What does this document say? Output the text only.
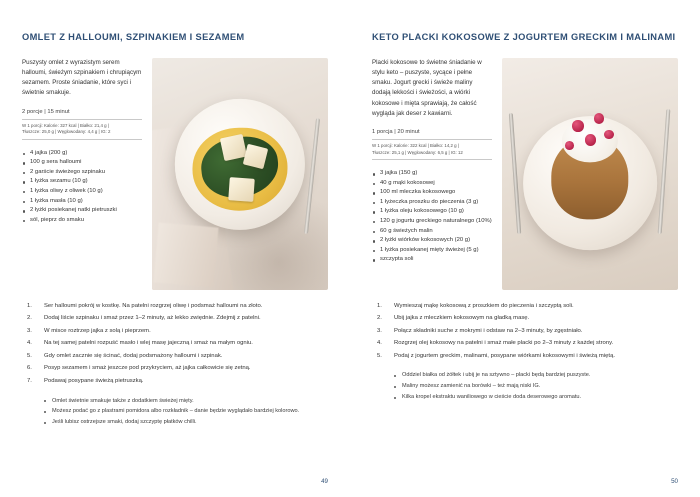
OMLET Z HALLOUMI, SZPINAKIEM I SEZAMEM
Puszysty omlet z wyrazistym serem halloumi, świeżym szpinakiem i chrupiącym sezamem. Proste śniadanie, które syci i świetnie smakuje.
2 porcje | 15 minut
W 1 porcji: Kalorie: 327 kcal | Białko: 21,4 g |
Tłuszcze: 25,0 g | Węglowodany: 4,4 g | IG: 2
4 jajka (200 g)
100 g sera halloumi
2 garście świeżego szpinaku
1 łyżka sezamu (10 g)
1 łyżka oliwy z oliwek (10 g)
1 łyżka masła (10 g)
2 łyżki posiekanej natki pietruszki
sól, pieprz do smaku
Ser halloumi pokrój w kostkę. Na patelni rozgrzej oliwę i podsmaż halloumi na złoto.
Dodaj liście szpinaku i smaż przez 1–2 minuty, aż lekko zwiędnie. Zdejmij z patelni.
W misce roztrzep jajka z solą i pieprzem.
Na tej samej patelni rozpuść masło i wlej masę jajeczną i smaż na małym ogniu.
Gdy omlet zacznie się ścinać, dodaj podsmażony halloumi i szpinak.
Posyp sezamem i smaż jeszcze pod przykryciem, aż jajka całkowicie się zetną.
Podawaj posypane świeżą pietruszką.
Omlet świetnie smakuje także z dodatkiem świeżej mięty.
Możesz podać go z plastrami pomidora albo rozkładnik – danie będzie wyglądało bardziej kolorowo.
Jeśli lubisz ostrzejsze smaki, dodaj szczyptę płatków chilli.
49
KETO PLACKI KOKOSOWE Z JOGURTEM GRECKIM I MALINAMI
Placki kokosowe to świetne śniadanie w stylu keto – puszyste, sycące i pełne smaku. Jogurt grecki i świeże maliny dodają lekkości i świeżości, a wiórki kokosowe i mięta sprawiają, że całość wygląda jak deser z kawiarni.
1 porcja | 20 minut
W 1 porcji: Kalorie: 322 kcal | Białko: 14,2 g |
Tłuszcze: 25,1 g | Węglowodany: 6,5 g | IG: 12
3 jajka (150 g)
40 g mąki kokosowej
100 ml mleczka kokosowego
1 łyżeczka proszku do pieczenia (3 g)
1 łyżka oleju kokosowego (10 g)
120 g jogurtu greckiego naturalnego (10%)
60 g świeżych malin
2 łyżki wiórków kokosowych (20 g)
1 łyżka posiekanej mięty świeżej (5 g)
szczypta soli
Wymieszaj mąkę kokosową z proszkiem do pieczenia i szczyptą soli.
Ubij jajka z mleczkiem kokosowym na gładką masę.
Połącz składniki suche z mokrymi i odstaw na 2–3 minuty, by zgęstniało.
Rozgrzej olej kokosowy na patelni i smaż małe placki po 2–3 minuty z każdej strony.
Podaj z jogurtem greckim, malinami, posypane wiórkami kokosowymi i świeżą miętą.
Oddziel białka od żółtek i ubij je na sztywno – placki będą bardziej puszyste.
Maliny możesz zamienić na borówki – też mają niski IG.
Kilka kropel ekstraktu waniliowego w cieście doda deserowego aromatu.
50
